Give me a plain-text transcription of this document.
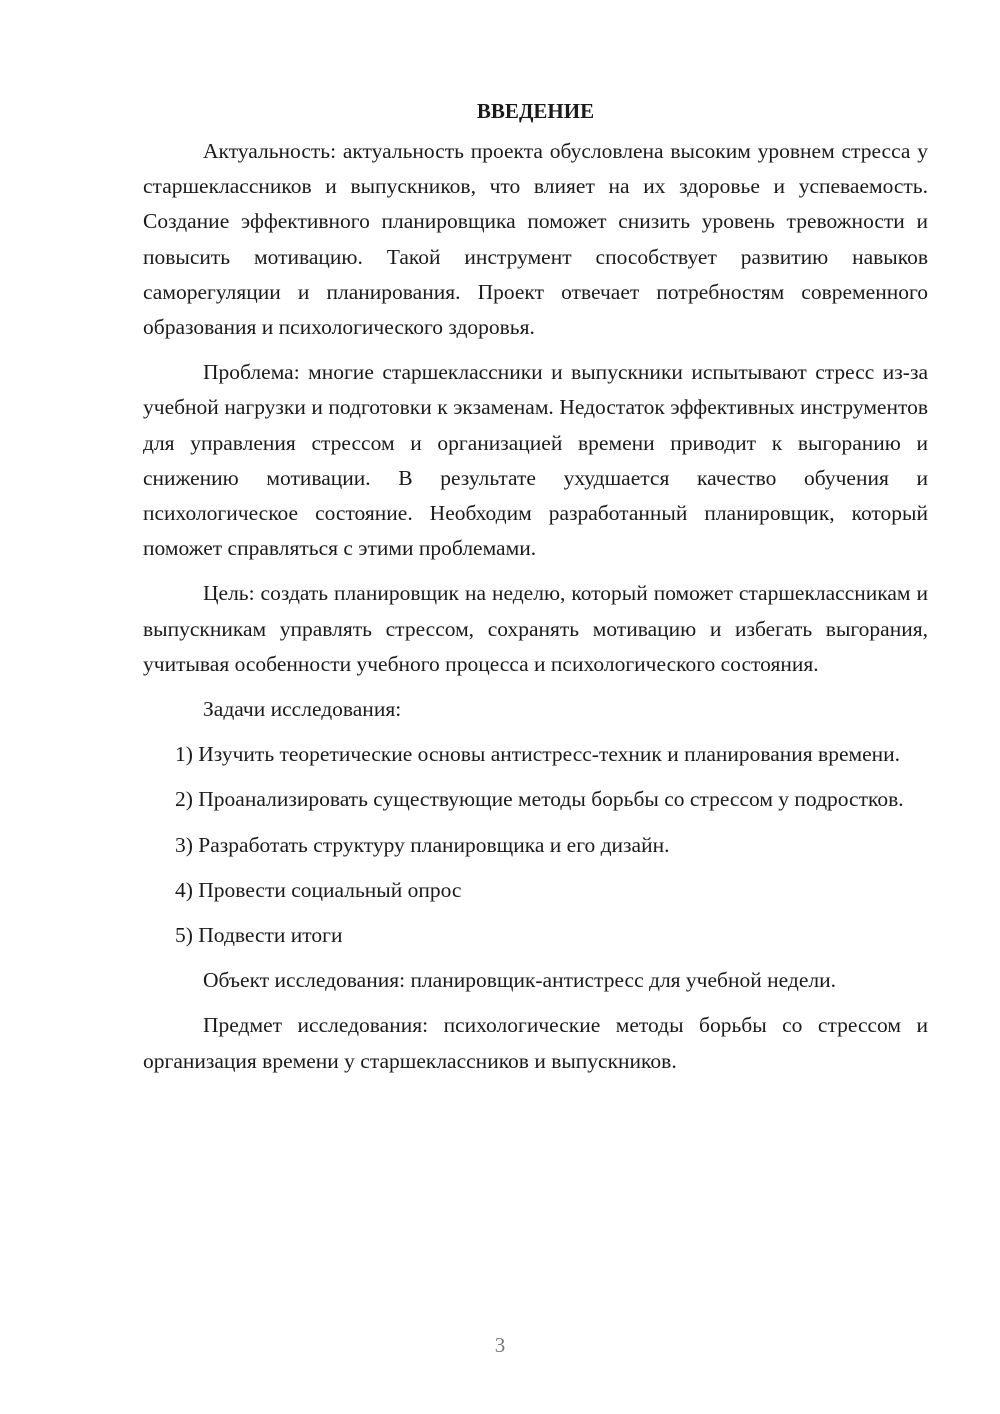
ВВЕДЕНИЕ

Актуальность: актуальность проекта обусловлена высоким уровнем стресса у старшеклассников и выпускников, что влияет на их здоровье и успеваемость. Создание эффективного планировщика поможет снизить уровень тревожности и повысить мотивацию. Такой инструмент способствует развитию навыков саморегуляции и планирования. Проект отвечает потребностям современного образования и психологического здоровья.

Проблема: многие старшеклассники и выпускники испытывают стресс из-за учебной нагрузки и подготовки к экзаменам. Недостаток эффективных инструментов для управления стрессом и организацией времени приводит к выгоранию и снижению мотивации. В результате ухудшается качество обучения и психологическое состояние. Необходим разработанный планировщик, который поможет справляться с этими проблемами.

Цель: создать планировщик на неделю, который поможет старшеклассникам и выпускникам управлять стрессом, сохранять мотивацию и избегать выгорания, учитывая особенности учебного процесса и психологического состояния.

Задачи исследования:

1) Изучить теоретические основы антистресс-техник и планирования времени.

2) Проанализировать существующие методы борьбы со стрессом у подростков.

3) Разработать структуру планировщика и его дизайн.

4) Провести социальный опрос

5) Подвести итоги

Объект исследования: планировщик-антистресс для учебной недели.

Предмет исследования: психологические методы борьбы со стрессом и организация времени у старшеклассников и выпускников.

3
